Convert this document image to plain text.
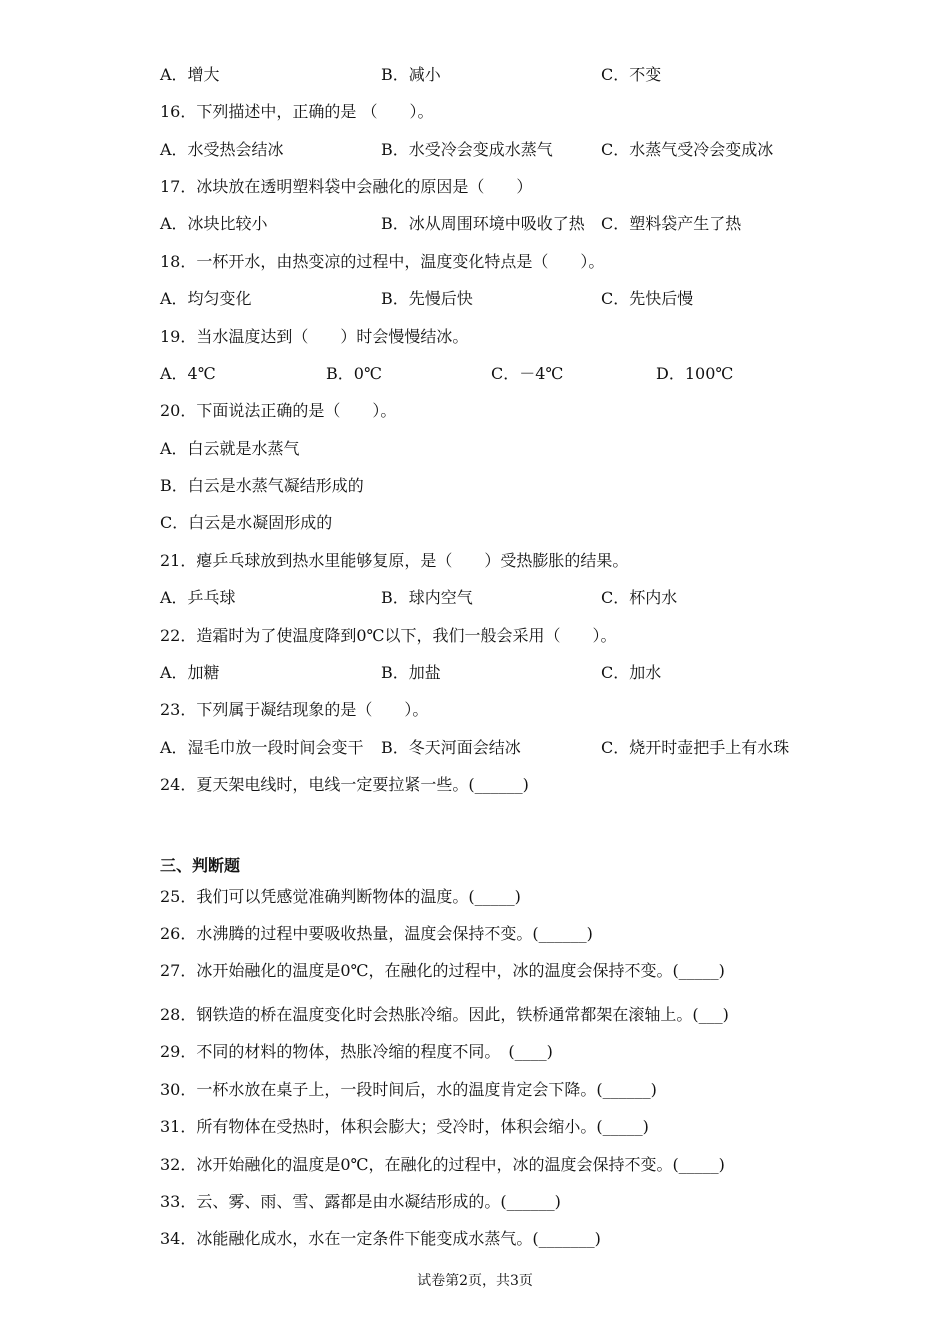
A．增大	B．减小	C．不变
16．下列描述中，正确的是 （　　）。
A．水受热会结冰	B．水受冷会变成水蒸气	C．水蒸气受冷会变成冰
17．冰块放在透明塑料袋中会融化的原因是（　　）
A．冰块比较小	B．冰从周围环境中吸收了热 C．塑料袋产生了热
18．一杯开水，由热变凉的过程中，温度变化特点是（　　）。
A．均匀变化	B．先慢后快	C．先快后慢
19．当水温度达到（　　）时会慢慢结冰。
A．4℃	B．0℃	C．－4℃	D．100℃
20．下面说法正确的是（　　）。
A．白云就是水蒸气
B．白云是水蒸气凝结形成的
C．白云是水凝固形成的
21．瘪乒乓球放到热水里能够复原，是（　　）受热膨胀的结果。
A．乒乓球	B．球内空气	C．杯内水
22．造霜时为了使温度降到0℃以下，我们一般会采用（　　）。
A．加糖	B．加盐	C．加水
23．下列属于凝结现象的是（　　）。
A．湿毛巾放一段时间会变干 B．冬天河面会结冰	C．烧开时壶把手上有水珠
24．夏天架电线时，电线一定要拉紧一些。(______)
三、判断题
25．我们可以凭感觉准确判断物体的温度。(_____)
26．水沸腾的过程中要吸收热量，温度会保持不变。(______)
27．冰开始融化的温度是0℃，在融化的过程中，冰的温度会保持不变。(_____)
28．钢铁造的桥在温度变化时会热胀冷缩。因此，铁桥通常都架在滚轴上。(___)
29．不同的材料的物体，热胀冷缩的程度不同。　(____)
30．一杯水放在桌子上，一段时间后，水的温度肯定会下降。(______)
31．所有物体在受热时，体积会膨大；受冷时，体积会缩小。(_____)
32．冰开始融化的温度是0℃，在融化的过程中，冰的温度会保持不变。(_____)
33．云、雾、雨、雪、露都是由水凝结形成的。(______)
34．冰能融化成水，水在一定条件下能变成水蒸气。(_______)
试卷第2页，共3页
